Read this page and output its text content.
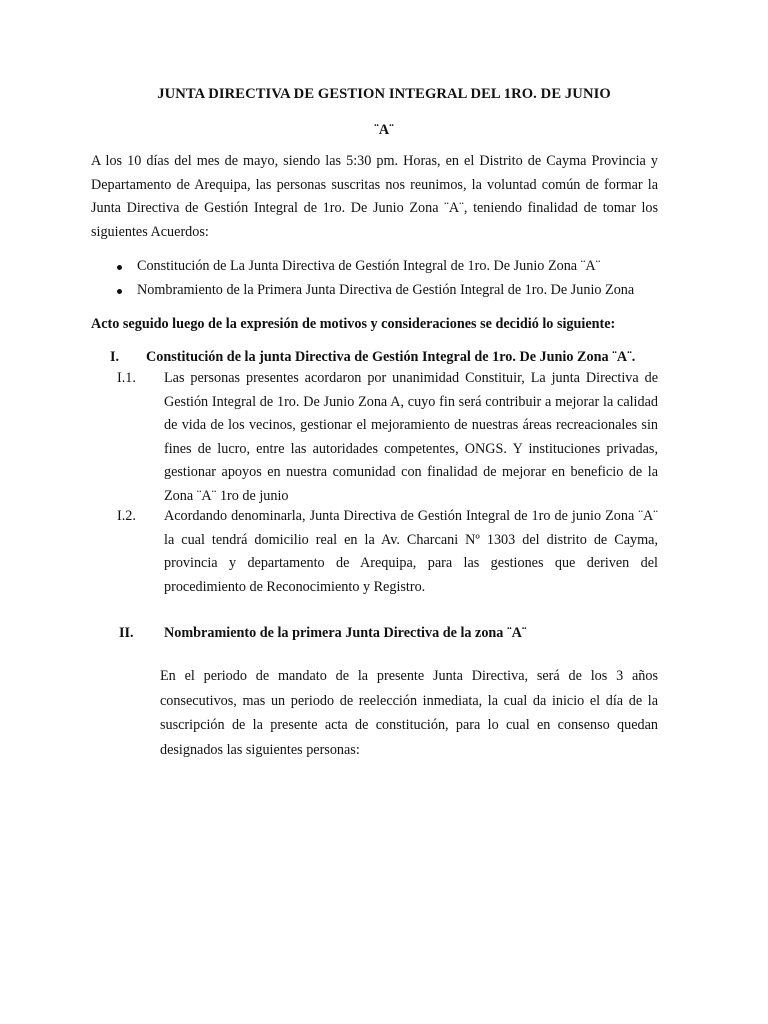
JUNTA DIRECTIVA DE GESTION INTEGRAL DEL 1RO. DE JUNIO
¨A¨

A los 10 días del mes de mayo, siendo las 5:30 pm. Horas, en el Distrito de Cayma Provincia y Departamento de Arequipa, las personas suscritas nos reunimos, la voluntad común de formar la Junta Directiva de Gestión Integral de 1ro. De Junio Zona ¨A¨, teniendo finalidad de tomar los siguientes Acuerdos:

Constitución de La Junta Directiva de Gestión Integral de 1ro. De Junio Zona ¨A¨
Nombramiento de la Primera Junta Directiva de Gestión Integral de 1ro. De Junio Zona

Acto seguido luego de la expresión de motivos y consideraciones se decidió lo siguiente:

I. Constitución de la junta Directiva de Gestión Integral de 1ro. De Junio Zona ¨A¨.

I.1.	Las personas presentes acordaron por unanimidad Constituir, La junta Directiva de Gestión Integral de 1ro. De Junio Zona A, cuyo fin será contribuir a mejorar la calidad de vida de los vecinos, gestionar el mejoramiento de nuestras áreas recreacionales sin fines de lucro, entre las autoridades competentes, ONGS. Y instituciones privadas, gestionar apoyos en nuestra comunidad con finalidad de mejorar en beneficio de la Zona ¨A¨ 1ro de junio
I.2.	Acordando denominarla, Junta Directiva de Gestión Integral de 1ro de junio Zona ¨A¨ la cual tendrá domicilio real en la Av. Charcani Nº 1303 del distrito de Cayma, provincia y departamento de Arequipa, para las gestiones que deriven del procedimiento de Reconocimiento y Registro.

II. Nombramiento de la primera Junta Directiva de la zona ¨A¨

En el periodo de mandato de la presente Junta Directiva, será de los 3 años consecutivos, mas un periodo de reelección inmediata, la cual da inicio el día de la suscripción de la presente acta de constitución, para lo cual en consenso quedan designados las siguientes personas:
